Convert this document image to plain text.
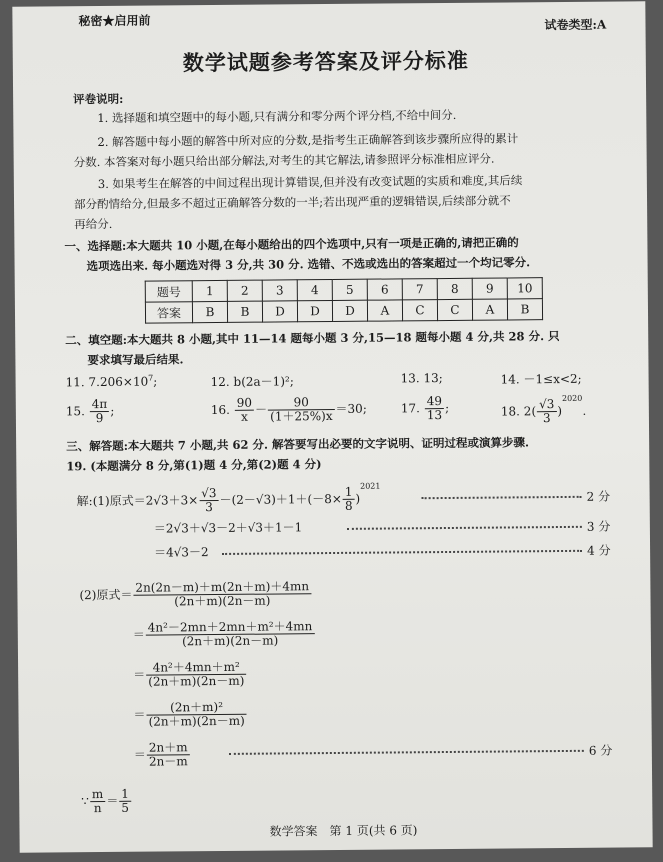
秘密★启用前	试卷类型:A
数学试题参考答案及评分标准
评卷说明:
1. 选择题和填空题中的每小题,只有满分和零分两个评分档,不给中间分.
2. 解答题中每小题的解答中所对应的分数,是指考生正确解答到该步骤所应得的累计
分数. 本答案对每小题只给出部分解法,对考生的其它解法,请参照评分标准相应评分.
3. 如果考生在解答的中间过程出现计算错误,但并没有改变试题的实质和难度,其后续
部分酌情给分,但最多不超过正确解答分数的一半;若出现严重的逻辑错误,后续部分就不
再给分.
一、选择题:本大题共 10 小题,在每小题给出的四个选项中,只有一项是正确的,请把正确的
选项选出来. 每小题选对得 3 分,共 30 分. 选错、不选或选出的答案超过一个均记零分.
题号	1	2	3	4	5	6	7	8	9	10
答案	B	B	D	D	D	A	C	C	A	B
二、填空题:本大题共 8 小题,其中 11—14 题每小题 3 分,15—18 题每小题 4 分,共 28 分. 只
要求填写最后结果.
11. $7.206\times 10^7$;	12. b(2a－1)²;	13. 13;	14. －1≤x<2;
15. $\frac{4\pi}{9}$ ;	16. $\frac{90}{x} - \frac{90}{(1+25\%)x} =30$;	17. $\frac{49}{13}$ ;	18. $2( \frac{√3}{3} )^{2020}$.
三、解答题:本大题共 7 小题,共 62 分. 解答要写出必要的文字说明、证明过程或演算步骤.
19. (本题满分 8 分,第(1)题 4 分,第(2)题 4 分)
解:(1)原式$=2√3+3\times \frac{√3}{3} -(2-√3)+1+(-8\times \frac{1}{8} )^{2021}$
2 分
＝2√3＋√3－2＋√3＋1－1	3 分
＝4√3－2	4 分
(2)原式＝ $\frac{2n(2n-m)+m(2n+m)+4mn}{(2n+m)(2n-m)}$
＝ $\frac{\text{4n²－2mn＋2mn＋m²＋4mn}}{(2n+m)(2n-m)}$
＝ $\frac{\text{4n²＋4mn＋m²}}{(2n+m)(2n-m)}$
＝ $\frac{\text{(2n＋m)²}}{(2n+m)(2n-m)}$
＝ $\frac{2n+m}{2n-m}$	6 分
∵ $\frac{m}{n} = \frac{1}{5}$
数学答案　第 1 页(共 6 页)
